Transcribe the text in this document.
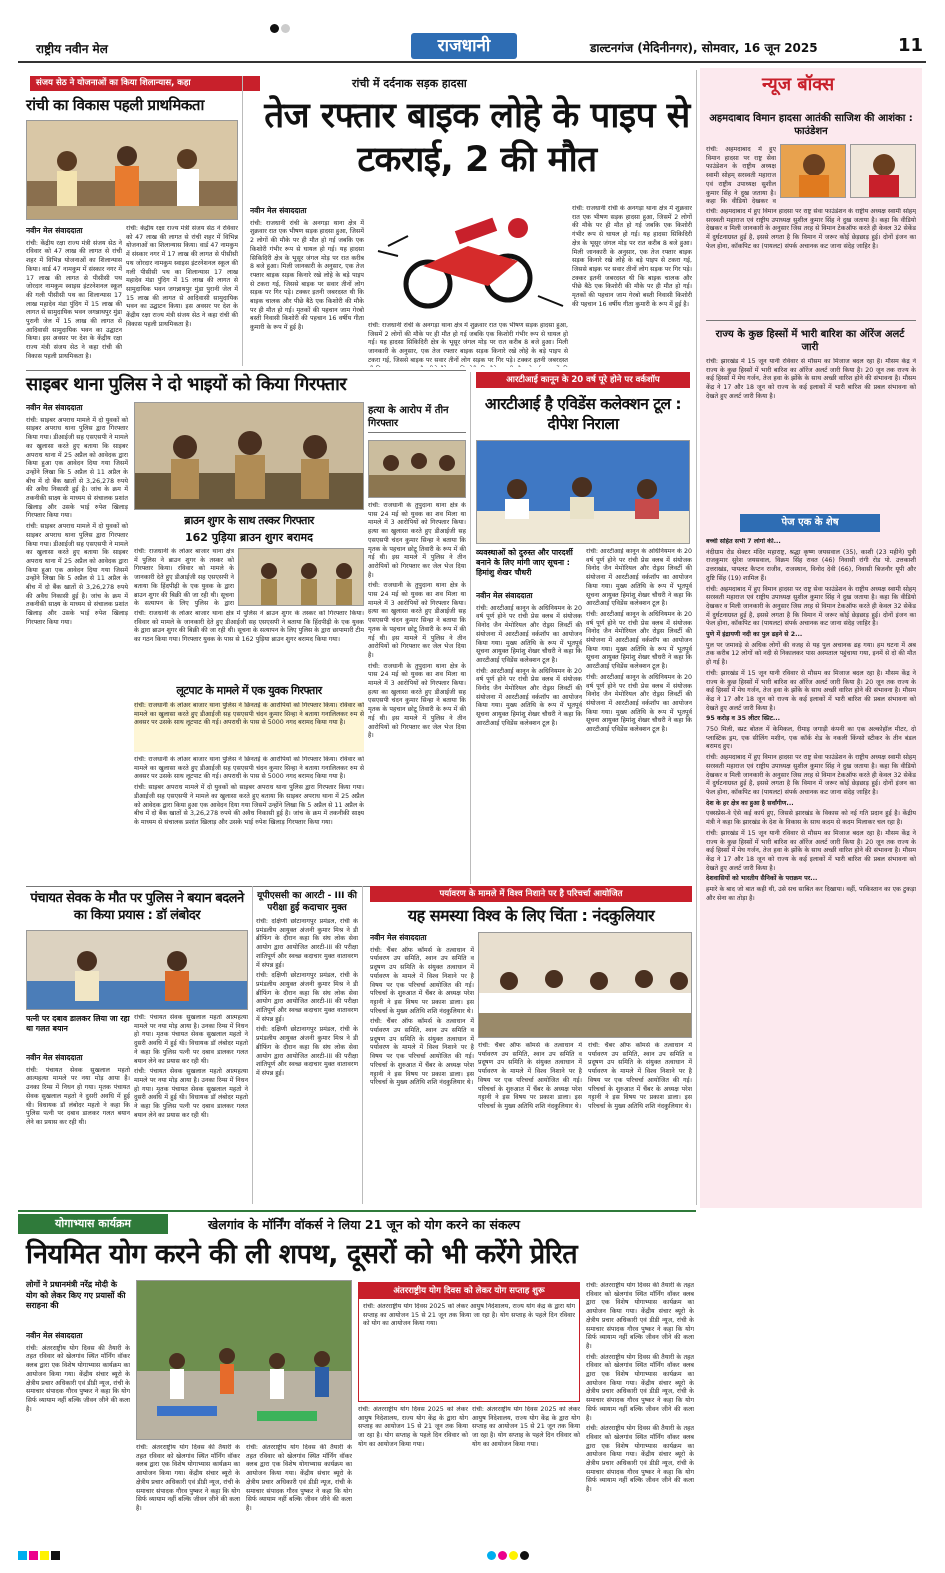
राष्ट्रीय नवीन मेल	राजधानी	डाल्टनगंज (मेदिनीनगर), सोमवार, 16 जून 2025	11
संजय सेठ ने योजनाओं का किया शिलान्यास, कहा
रांची का विकास पहली प्राथमिकता
नवीन मेल संवाददाता

रांची: केंद्रीय रक्षा राज्य मंत्री संजय सेठ ने रविवार को 47 लाख की लागत से रांची शहर में विभिन्न योजनाओं का शिलान्यास किया। वार्ड 47 नामकुम में संस्कार नगर में 17 लाख की लागत से पीसीसी पथ जोरदार नामकुम स्वाइस इंटरनेशनल स्कूल की गली पीसीसी पथ का शिलान्यास 17 लाख महादेव मंडा पुंदिग में 15 लाख की लागत से सामुदायिक भवन जगन्नाथपुर मुंडा पुरानी जेल में 15 लाख की लागत से आदिवासी सामुदायिक भवन का उद्घाटन किया। इस अवसर पर देश के केंद्रीय रक्षा राज्य मंत्री संजय सेठ ने कहा रांची की विकास पहली प्राथमिकता है।

रांची: केंद्रीय रक्षा राज्य मंत्री संजय सेठ ने रविवार को 47 लाख की लागत से रांची शहर में विभिन्न योजनाओं का शिलान्यास किया। वार्ड 47 नामकुम में संस्कार नगर में 17 लाख की लागत से पीसीसी पथ जोरदार नामकुम स्वाइस इंटरनेशनल स्कूल की गली पीसीसी पथ का शिलान्यास 17 लाख महादेव मंडा पुंदिग में 15 लाख की लागत से सामुदायिक भवन जगन्नाथपुर मुंडा पुरानी जेल में 15 लाख की लागत से आदिवासी सामुदायिक भवन का उद्घाटन किया। इस अवसर पर देश के केंद्रीय रक्षा राज्य मंत्री संजय सेठ ने कहा रांची की विकास पहली प्राथमिकता है।

रांची में दर्दनाक सड़क हादसा
तेज रफ्तार बाइक लोहे के पाइप से टकराई, 2 की मौत
नवीन मेल संवाददाता

रांची: राजधानी रांची के अनगड़ा थाना क्षेत्र में शुक्रवार रात एक भीषण सड़क हादसा हुआ, जिसमें 2 लोगों की मौके पर ही मौत हो गई जबकि एक किशोरी गंभीर रूप से घायल हो गई। यह हादसा सिकिदिरी क्षेत्र के भूसूर जंगल मोड़ पर रात करीब 8 बजे हुआ। मिली जानकारी के अनुसार, एक तेज रफ्तार बाइक सड़क किनारे रखे लोहे के बड़े पाइप से टकरा गई, जिससे बाइक पर सवार तीनों लोग सड़क पर गिर पड़े। टक्कर इतनी जबरदस्त थी कि बाइक चालक और पीछे बैठे एक किशोरी की मौके पर ही मौत हो गई। मृतकों की पहचान जाम गेरबो बस्ती निवासी किशोरी की पहचान 16 वर्षीय गीता कुमारी के रूप में हुई है।	रांची: राजधानी रांची के अनगड़ा थाना क्षेत्र में शुक्रवार रात एक भीषण सड़क हादसा हुआ, जिसमें 2 लोगों की मौके पर ही मौत हो गई जबकि एक किशोरी गंभीर रूप से घायल हो गई। यह हादसा सिकिदिरी क्षेत्र के भूसूर जंगल मोड़ पर रात करीब 8 बजे हुआ। मिली जानकारी के अनुसार, एक तेज रफ्तार बाइक सड़क किनारे रखे लोहे के बड़े पाइप से टकरा गई, जिससे बाइक पर सवार तीनों लोग सड़क पर गिर पड़े। टक्कर इतनी जबरदस्त

रांची: राजधानी रांची के अनगड़ा थाना क्षेत्र में शुक्रवार रात एक भीषण सड़क हादसा हुआ, जिसमें 2 लोगों की मौके पर ही मौत हो गई जबकि एक किशोरी गंभीर रूप से घायल हो गई। यह हादसा सिकिदिरी क्षेत्र के भूसूर जंगल मोड़ पर रात करीब 8 बजे हुआ। मिली जानकारी के अनुसार, एक तेज रफ्तार बाइक सड़क किनारे रखे लोहे के बड़े पाइप से टकरा गई, जिससे बाइक पर सवार तीनों लोग सड़क पर गिर पड़े। टक्कर इतनी जबरदस्त थी कि बाइक चालक और पीछे बैठे एक किशोरी की मौके पर ही मौत हो गई। मृतकों की पहचान जाम गेरबो बस्ती निवासी किशोरी की पहचान 16 वर्षीय गीता कुमारी के रूप में हुई है।

न्यूज बॉक्स
अहमदाबाद विमान हादसा आतंकी साजिश की आशंका : फाउंडेशन

रांची: अहमदाबाद में हुए विमान हादसा पर राष्ट्र सेवा फाउंडेशन के राष्ट्रीय अध्यक्ष स्वामी सोहम्‌ सरस्वती महाराज एवं राष्ट्रीय उपाध्यक्ष सुशील कुमार सिंह ने दुख जताया है। कहा कि वीडियो देखकर व

रांची: अहमदाबाद में हुए विमान हादसा पर राष्ट्र सेवा फाउंडेशन के राष्ट्रीय अध्यक्ष स्वामी सोहम्‌ सरस्वती महाराज एवं राष्ट्रीय उपाध्यक्ष सुशील कुमार सिंह ने दुख जताया है। कहा कि वीडियो देखकर व मिली जानकारी के अनुसार जिस तरह से विमान टेकऑफ करते ही केवल 32 सेकेंड में दुर्घटनाग्रस्त हुई है, इससे लगता है कि विमान में जरूर कोई छेड़छाड़ हुई। दोनों इंजन का फेल होना, कॉकपिट का (पायलट) संपर्क अचानक कट जाना संदेह जाहिर है।

राज्य के कुछ हिस्सों में भारी बारिश का ऑरेंज अलर्ट जारी

रांची: झारखंड में 15 जून यानी रविवार से मौसम का मिजाज बदल रहा है। मौसम केंद्र ने राज्य के कुछ हिस्सों में भारी बारिश का ऑरेंज अलर्ट जारी किया है। 20 जून तक राज्य के कई हिस्सों में मेघ गर्जन, तेज हवा के झोंके के साथ अच्छी वारिश होने की संभावना है। मौसम केंद्र ने 17 और 18 जून को राज्य के कई इलाकों में भारी बारिश की प्रबल संभावना को देखते हुए अलर्ट जारी किया है।

पेज एक के शेष

बच्ची सहित सभी 7 लोगों की...

नंदीग्राम रोड सेक्टर मंदिर महाराष्ट्र, श्रद्धा कृष्ण जयसवाल (35), काशी (23 महीने) पुत्री राजकुमार सुरेश जयसवाल, विक्रम सिंह रावत (46) निवासी रांगी रोड पो. उत्तकाशी उत्तराखंड, पायलट कैप्टन राजीव, राजस्थान, विनोद देवी (66), निवासी बिजनौर यूपी और तुष्टि सिंह (19) शामिल हैं।

रांची: अहमदाबाद में हुए विमान हादसा पर राष्ट्र सेवा फाउंडेशन के राष्ट्रीय अध्यक्ष स्वामी सोहम्‌ सरस्वती महाराज एवं राष्ट्रीय उपाध्यक्ष सुशील कुमार सिंह ने दुख जताया है। कहा कि वीडियो देखकर व मिली जानकारी के अनुसार जिस तरह से विमान टेकऑफ करते ही केवल 32 सेकेंड में दुर्घटनाग्रस्त हुई है, इससे लगता है कि विमान में जरूर कोई छेड़छाड़ हुई। दोनों इंजन का फेल होना, कॉकपिट का (पायलट) संपर्क अचानक कट जाना संदेह जाहिर है।

पुणे में इंद्रायणी नदी का पुल ढहने से 2...

पुल पर जमावड़े से अधिक लोगों की वजह से यह पुल अचानक ढह गया। हम घटना में अब तक करीब 12 लोगों को नदी से निकालकर पास अस्पताल पहुंचाया गया, इनमें से दो की मौत हो गई है।

रांची: झारखंड में 15 जून यानी रविवार से मौसम का मिजाज बदल रहा है। मौसम केंद्र ने राज्य के कुछ हिस्सों में भारी बारिश का ऑरेंज अलर्ट जारी किया है। 20 जून तक राज्य के कई हिस्सों में मेघ गर्जन, तेज हवा के झोंके के साथ अच्छी वारिश होने की संभावना है। मौसम केंद्र ने 17 और 18 जून को राज्य के कई इलाकों में भारी बारिश की प्रबल संभावना को देखते हुए अलर्ट जारी किया है।

95 करोड़ व 35 लीटर स्प्रिट...

750 मिली, स्प्रट बोतल में केमिकल, रीमाइ जगाड़ी कंपनी का एक अल्कोहॉल मीटर, दो प्लास्टिक ड्रम, एक सीलिंग मशीन, एक कॉर्क शेड के नकली किंग्सो स्टीकर के तीन बंडल बरामद हुए।

रांची: अहमदाबाद में हुए विमान हादसा पर राष्ट्र सेवा फाउंडेशन के राष्ट्रीय अध्यक्ष स्वामी सोहम्‌ सरस्वती महाराज एवं राष्ट्रीय उपाध्यक्ष सुशील कुमार सिंह ने दुख जताया है। कहा कि वीडियो देखकर व मिली जानकारी के अनुसार जिस तरह से विमान टेकऑफ करते ही केवल 32 सेकेंड में दुर्घटनाग्रस्त हुई है, इससे लगता है कि विमान में जरूर कोई छेड़छाड़ हुई। दोनों इंजन का फेल होना, कॉकपिट का (पायलट) संपर्क अचानक कट जाना संदेह जाहिर है।

देश के हर क्षेत्र का हुआ है सर्वांगीण...

एक्सप्रेस-वे ऐसे कई कार्य हुए, जिससे झारखंड के विकास को नई गति प्रदान हुई है। केंद्रीय मंत्री ने कहा कि झारखंड के देश के विकास के साथ कदम से कदम मिलाकर चल रहा है।

रांची: झारखंड में 15 जून यानी रविवार से मौसम का मिजाज बदल रहा है। मौसम केंद्र ने राज्य के कुछ हिस्सों में भारी बारिश का ऑरेंज अलर्ट जारी किया है। 20 जून तक राज्य के कई हिस्सों में मेघ गर्जन, तेज हवा के झोंके के साथ अच्छी वारिश होने की संभावना है। मौसम केंद्र ने 17 और 18 जून को राज्य के कई इलाकों में भारी बारिश की प्रबल संभावना को देखते हुए अलर्ट जारी किया है।

देशवासियों को भारतीय सैनिकों के पराक्रम पर...

हमारे के बाद जो बात कही थी, उसे सच साबित कर दिखाया। वहीं, पाकिस्तान का एक टुकड़ा और सेना का तोड़ा है।

साइबर थाना पुलिस ने दो भाइयों को किया गिरफ्तार
नवीन मेल संवाददाता

रांची: साइबर अपराध मामले में दो युवकों को साइबर अपराध थाना पुलिस द्वारा गिरफ्तार किया गया। डीआईजी सह एसएसपी ने मामले का खुलासा करते हुए बताया कि साइबर अपराध थाना में 25 अप्रैल को आवेदक द्वारा किया हुआ एक आवेदन दिया गया जिसमें उन्होंने लिखा कि 5 अप्रैल से 11 अप्रैल के बीच में दो बैंक खातों से 3,26,278 रुपये की अवैध निकासी हुई है। जांच के क्रम में तकनीकी साक्ष्य के माध्यम से संचालक प्रशांत खिलाड़ और उसके भाई रुपेश खिलाड़ गिरफ्तार किया गया।

रांची: साइबर अपराध मामले में दो युवकों को साइबर अपराध थाना पुलिस द्वारा गिरफ्तार किया गया। डीआईजी सह एसएसपी ने मामले का खुलासा करते हुए बताया कि साइबर अपराध थाना में 25 अप्रैल को आवेदक द्वारा किया हुआ एक आवेदन दिया गया जिसमें उन्होंने लिखा कि 5 अप्रैल से 11 अप्रैल के बीच में दो बैंक खातों से 3,26,278 रुपये की अवैध निकासी हुई है। जांच के क्रम में तकनीकी साक्ष्य के माध्यम से संचालक प्रशांत खिलाड़ और उसके भाई रुपेश खिलाड़ गिरफ्तार किया गया।

ब्राउन शुगर के साथ तस्कर गिरफ्तार
162 पुड़िया ब्राउन शुगर बरामद

रांची: राजधानी के लोअर बाजार थाना क्षेत्र में पुलिस ने ब्राउन शुगर के तस्कर को गिरफ्तार किया। रविवार को मामले के जानकारी देते हुए डीआईजी सह एसएसपी ने बताया कि हिंदपीढ़ी के एक युवक के द्वारा ब्राउन शुगर की बिक्री की जा रही थी। सूचना के सत्यापन के लिए पुलिस के द्वारा

रांची: राजधानी के लोअर बाजार थाना क्षेत्र में पुलिस ने ब्राउन शुगर के तस्कर को गिरफ्तार किया। रविवार को मामले के जानकारी देते हुए डीआईजी सह एसएसपी ने बताया कि हिंदपीढ़ी के एक युवक के द्वारा ब्राउन शुगर की बिक्री की जा रही थी। सूचना के सत्यापन के लिए पुलिस के द्वारा छापामारी टीम का गठन किया गया। गिरफ्तार युवक के पास से 162 पुड़िया ब्राउन शुगर बरामद किया गया।

लूटपाट के मामले में एक युवक गिरफ्तार

रांची: राजधानी के लोअर बाजार थाना पुलिस ने छिनतई के आरोपियों को गिरफ्तार किया। रविवार को मामले का खुलासा करते हुए डीआईजी सह एसएसपी चंदन कुमार सिन्हा ने बताया गनालिलकर रुम से अवसर पर उसके साथ लूटपाट की गई। अपराधी के पास से 5000 नगद बरामद किया गया है।

रांची: राजधानी के लोअर बाजार थाना पुलिस ने छिनतई के आरोपियों को गिरफ्तार किया। रविवार को मामले का खुलासा करते हुए डीआईजी सह एसएसपी चंदन कुमार सिन्हा ने बताया गनालिलकर रुम से अवसर पर उसके साथ लूटपाट की गई। अपराधी के पास से 5000 नगद बरामद किया गया है।

रांची: साइबर अपराध मामले में दो युवकों को साइबर अपराध थाना पुलिस द्वारा गिरफ्तार किया गया। डीआईजी सह एसएसपी ने मामले का खुलासा करते हुए बताया कि साइबर अपराध थाना में 25 अप्रैल को आवेदक द्वारा किया हुआ एक आवेदन दिया गया जिसमें उन्होंने लिखा कि 5 अप्रैल से 11 अप्रैल के बीच में दो बैंक खातों से 3,26,278 रुपये की अवैध निकासी हुई है। जांच के क्रम में तकनीकी साक्ष्य के माध्यम से संचालक प्रशांत खिलाड़ और उसके भाई रुपेश खिलाड़ गिरफ्तार किया गया।

हत्या के आरोप में तीन गिरफ्तार

रांची: राजधानी के तुपुदाना थाना क्षेत्र के पास 24 मई को युवक का शव मिला था मामले में 3 आरोपियों को गिरफ्तार किया। हत्या का खुलासा करते हुए डीआईजी सह एसएसपी चंदन कुमार सिन्हा ने बताया कि मृतक के पहचान छोटू तिवारी के रूप में की गई थी। इस मामले में पुलिस ने तीन आरोपियों को गिरफ्तार कर जेल भेज दिया है।

रांची: राजधानी के तुपुदाना थाना क्षेत्र के पास 24 मई को युवक का शव मिला था मामले में 3 आरोपियों को गिरफ्तार किया। हत्या का खुलासा करते हुए डीआईजी सह एसएसपी चंदन कुमार सिन्हा ने बताया कि मृतक के पहचान छोटू तिवारी के रूप में की गई थी। इस मामले में पुलिस ने तीन आरोपियों को गिरफ्तार कर जेल भेज दिया है।

रांची: राजधानी के तुपुदाना थाना क्षेत्र के पास 24 मई को युवक का शव मिला था मामले में 3 आरोपियों को गिरफ्तार किया। हत्या का खुलासा करते हुए डीआईजी सह एसएसपी चंदन कुमार सिन्हा ने बताया कि मृतक के पहचान छोटू तिवारी के रूप में की गई थी। इस मामले में पुलिस ने तीन आरोपियों को गिरफ्तार कर जेल भेज दिया है।

आरटीआई कानून के 20 वर्ष पूरे होने पर वर्कशॉप
आरटीआई है एविडेंस कलेक्शन टूल : दीपेश निराला
व्यवस्थाओं को दुरुस्त और पारदर्शी बनाने के लिए मांगी जाए सूचना : हिमांशु शेखर चौधरी
नवीन मेल संवाददाता

रांची: आरटीआई कानून के अधिनियमन के 20 वर्ष पूर्ण होने पर रांची प्रेस क्लब में संयोजक विनोद जैन मेमोरियल और रोड्रस लिवर्टी की संयोजना में आरटीआई वर्कशॉप का आयोजन किया गया। मुख्य अतिथि के रूप में भूतपूर्व सूचना आयुक्त हिमांशु शेखर चौधरी ने कहा कि आरटीआई एविडेंस कलेक्शन टूल है।

रांची: आरटीआई कानून के अधिनियमन के 20 वर्ष पूर्ण होने पर रांची प्रेस क्लब में संयोजक विनोद जैन मेमोरियल और रोड्रस लिवर्टी की संयोजना में आरटीआई वर्कशॉप का आयोजन किया गया। मुख्य अतिथि के रूप में भूतपूर्व सूचना आयुक्त हिमांशु शेखर चौधरी ने कहा कि आरटीआई एविडेंस कलेक्शन टूल है।

रांची: आरटीआई कानून के अधिनियमन के 20 वर्ष पूर्ण होने पर रांची प्रेस क्लब में संयोजक विनोद जैन मेमोरियल और रोड्रस लिवर्टी की संयोजना में आरटीआई वर्कशॉप का आयोजन किया गया। मुख्य अतिथि के रूप में भूतपूर्व सूचना आयुक्त हिमांशु शेखर चौधरी ने कहा कि आरटीआई एविडेंस कलेक्शन टूल है।

रांची: आरटीआई कानून के अधिनियमन के 20 वर्ष पूर्ण होने पर रांची प्रेस क्लब में संयोजक विनोद जैन मेमोरियल और रोड्रस लिवर्टी की संयोजना में आरटीआई वर्कशॉप का आयोजन किया गया। मुख्य अतिथि के रूप में भूतपूर्व सूचना आयुक्त हिमांशु शेखर चौधरी ने कहा कि आरटीआई एविडेंस कलेक्शन टूल है।

रांची: आरटीआई कानून के अधिनियमन के 20 वर्ष पूर्ण होने पर रांची प्रेस क्लब में संयोजक विनोद जैन मेमोरियल और रोड्रस लिवर्टी की संयोजना में आरटीआई वर्कशॉप का आयोजन किया गया। मुख्य अतिथि के रूप में भूतपूर्व सूचना आयुक्त हिमांशु शेखर चौधरी ने कहा कि आरटीआई एविडेंस कलेक्शन टूल है।

पंचायत सेवक के मौत पर पुलिस ने बयान बदलने का किया प्रयास : डॉ लंबोदर
पत्नी पर दबाव डालकर लिया जा रहा था गलत बयान
नवीन मेल संवाददाता

रांची: पंचायत सेवक सुखलाल महतो आत्महत्या मामले पर नया मोड़ आया है। उनका रिम्स में निधन हो गया। मृतक पंचायत सेवक सुखलाल महतो ने दुसरी अवधि में हुई थी। विधायक डॉ लंबोदर महतो ने कहा कि पुलिस पत्नी पर दबाव डालकर गलत बयान लेने का प्रयास कर रही थी।

रांची: पंचायत सेवक सुखलाल महतो आत्महत्या मामले पर नया मोड़ आया है। उनका रिम्स में निधन हो गया। मृतक पंचायत सेवक सुखलाल महतो ने दुसरी अवधि में हुई थी। विधायक डॉ लंबोदर महतो ने कहा कि पुलिस पत्नी पर दबाव डालकर गलत बयान लेने का प्रयास कर रही थी।

रांची: पंचायत सेवक सुखलाल महतो आत्महत्या मामले पर नया मोड़ आया है। उनका रिम्स में निधन हो गया। मृतक पंचायत सेवक सुखलाल महतो ने दुसरी अवधि में हुई थी। विधायक डॉ लंबोदर महतो ने कहा कि पुलिस पत्नी पर दबाव डालकर गलत बयान लेने का प्रयास कर रही थी।

यूपीएससी का आरटी - III की परीक्षा हुई कदाचार मुक्त

रांची: दक्षिणी छोटानागपुर प्रमंडल, रांची के प्रमंडलीय आयुक्त अंजनी कुमार मिश्र ने डी ब्रीफिंग के दौरान कहा कि संघ लोक सेवा आयोग द्वारा आयोजित आरटी-III की परीक्षा शांतिपूर्ण और स्वच्छ कदाचार मुक्त वातावरण में संपन्न हुई।

रांची: दक्षिणी छोटानागपुर प्रमंडल, रांची के प्रमंडलीय आयुक्त अंजनी कुमार मिश्र ने डी ब्रीफिंग के दौरान कहा कि संघ लोक सेवा आयोग द्वारा आयोजित आरटी-III की परीक्षा शांतिपूर्ण और स्वच्छ कदाचार मुक्त वातावरण में संपन्न हुई।

रांची: दक्षिणी छोटानागपुर प्रमंडल, रांची के प्रमंडलीय आयुक्त अंजनी कुमार मिश्र ने डी ब्रीफिंग के दौरान कहा कि संघ लोक सेवा आयोग द्वारा आयोजित आरटी-III की परीक्षा शांतिपूर्ण और स्वच्छ कदाचार मुक्त वातावरण में संपन्न हुई।

पर्यावरण के मामले में विश्व निशाने पर है परिचर्चा आयोजित
यह समस्या विश्व के लिए चिंता : नंदकुलियार
नवीन मेल संवाददाता

रांची: चैंबर ऑफ कॉमर्स के तत्वाधान में पर्यावरण उप समिति, श्वान उप समिति व प्रदूषण उप समिति के संयुक्त तत्वाधान में पर्यावरण के मामले में विश्व निशाने पर है विषय पर एक परिचर्चा आयोजित की गई। परिचर्चा के शुरुआत में चैंबर के अध्यक्ष परेश गट्टानी ने इस विषय पर प्रकाश डाला। इस परिचर्चा के मुख्य अतिथि शशि नंदकुलियार थे।

रांची: चैंबर ऑफ कॉमर्स के तत्वाधान में पर्यावरण उप समिति, श्वान उप समिति व प्रदूषण उप समिति के संयुक्त तत्वाधान में पर्यावरण के मामले में विश्व निशाने पर है विषय पर एक परिचर्चा आयोजित की गई। परिचर्चा के शुरुआत में चैंबर के अध्यक्ष परेश गट्टानी ने इस विषय पर प्रकाश डाला। इस परिचर्चा के मुख्य अतिथि शशि नंदकुलियार थे।

रांची: चैंबर ऑफ कॉमर्स के तत्वाधान में पर्यावरण उप समिति, श्वान उप समिति व प्रदूषण उप समिति के संयुक्त तत्वाधान में पर्यावरण के मामले में विश्व निशाने पर है विषय पर एक परिचर्चा आयोजित की गई। परिचर्चा के शुरुआत में चैंबर के अध्यक्ष परेश गट्टानी ने इस विषय पर प्रकाश डाला। इस परिचर्चा के मुख्य अतिथि शशि नंदकुलियार थे।

रांची: चैंबर ऑफ कॉमर्स के तत्वाधान में पर्यावरण उप समिति, श्वान उप समिति व प्रदूषण उप समिति के संयुक्त तत्वाधान में पर्यावरण के मामले में विश्व निशाने पर है विषय पर एक परिचर्चा आयोजित की गई। परिचर्चा के शुरुआत में चैंबर के अध्यक्ष परेश गट्टानी ने इस विषय पर प्रकाश डाला। इस परिचर्चा के मुख्य अतिथि शशि नंदकुलियार थे।

योगाभ्यास कार्यक्रम	खेलगांव के मॉर्निंग वॉकर्स ने लिया 21 जून को योग करने का संकल्प
नियमित योग करने की ली शपथ, दूसरों को भी करेंगे प्रेरित
लोगों ने प्रधानमंत्री नरेंद्र मोदी के योग को लेकर किए गए प्रयासों की सराहना की
नवीन मेल संवाददाता

रांची: अंतरराष्ट्रीय योग दिवस की तैयारी के तहत रविवार को खेलगांव स्थित मॉर्निंग वॉकर क्लब द्वारा एक विशेष योगाभ्यास कार्यक्रम का आयोजन किया गया। केंद्रीय संचार ब्यूरो के क्षेत्रीय प्रचार अधिकारी एवं डीडी न्यूज, रांची के समाचार संपादक गौरव पुष्कर ने कहा कि योग सिर्फ व्यायाम नहीं बल्कि जीवन जीने की कला है।

रांची: अंतरराष्ट्रीय योग दिवस की तैयारी के तहत रविवार को खेलगांव स्थित मॉर्निंग वॉकर क्लब द्वारा एक विशेष योगाभ्यास कार्यक्रम का आयोजन किया गया। केंद्रीय संचार ब्यूरो के क्षेत्रीय प्रचार अधिकारी एवं डीडी न्यूज, रांची के समाचार संपादक गौरव पुष्कर ने कहा कि योग सिर्फ व्यायाम नहीं बल्कि जीवन जीने की कला है।

रांची: अंतरराष्ट्रीय योग दिवस की तैयारी के तहत रविवार को खेलगांव स्थित मॉर्निंग वॉकर क्लब द्वारा एक विशेष योगाभ्यास कार्यक्रम का आयोजन किया गया। केंद्रीय संचार ब्यूरो के क्षेत्रीय प्रचार अधिकारी एवं डीडी न्यूज, रांची के समाचार संपादक गौरव पुष्कर ने कहा कि योग सिर्फ व्यायाम नहीं बल्कि जीवन जीने की कला है।

अंतरराष्ट्रीय योग दिवस को लेकर योग सप्ताह शुरू

रांची: अंतरराष्ट्रीय योग दिवस 2025 को लेकर आयुष निदेशालय, राज्य योग केंद्र के द्वारा योग सप्ताह का आयोजन 15 से 21 जून तक किया जा रहा है। योग सप्ताह के पहले दिन रविवार को योग का आयोजन किया गया।

रांची: अंतरराष्ट्रीय योग दिवस 2025 को लेकर आयुष निदेशालय, राज्य योग केंद्र के द्वारा योग सप्ताह का आयोजन 15 से 21 जून तक किया जा रहा है। योग सप्ताह के पहले दिन रविवार को योग का आयोजन किया गया।

रांची: अंतरराष्ट्रीय योग दिवस 2025 को लेकर आयुष निदेशालय, राज्य योग केंद्र के द्वारा योग सप्ताह का आयोजन 15 से 21 जून तक किया जा रहा है। योग सप्ताह के पहले दिन रविवार को योग का आयोजन किया गया।

रांची: अंतरराष्ट्रीय योग दिवस की तैयारी के तहत रविवार को खेलगांव स्थित मॉर्निंग वॉकर क्लब द्वारा एक विशेष योगाभ्यास कार्यक्रम का आयोजन किया गया। केंद्रीय संचार ब्यूरो के क्षेत्रीय प्रचार अधिकारी एवं डीडी न्यूज, रांची के समाचार संपादक गौरव पुष्कर ने कहा कि योग सिर्फ व्यायाम नहीं बल्कि जीवन जीने की कला है।

रांची: अंतरराष्ट्रीय योग दिवस की तैयारी के तहत रविवार को खेलगांव स्थित मॉर्निंग वॉकर क्लब द्वारा एक विशेष योगाभ्यास कार्यक्रम का आयोजन किया गया। केंद्रीय संचार ब्यूरो के क्षेत्रीय प्रचार अधिकारी एवं डीडी न्यूज, रांची के समाचार संपादक गौरव पुष्कर ने कहा कि योग सिर्फ व्यायाम नहीं बल्कि जीवन जीने की कला है।

रांची: अंतरराष्ट्रीय योग दिवस की तैयारी के तहत रविवार को खेलगांव स्थित मॉर्निंग वॉकर क्लब द्वारा एक विशेष योगाभ्यास कार्यक्रम का आयोजन किया गया। केंद्रीय संचार ब्यूरो के क्षेत्रीय प्रचार अधिकारी एवं डीडी न्यूज, रांची के समाचार संपादक गौरव पुष्कर ने कहा कि योग सिर्फ व्यायाम नहीं बल्कि जीवन जीने की कला है।
